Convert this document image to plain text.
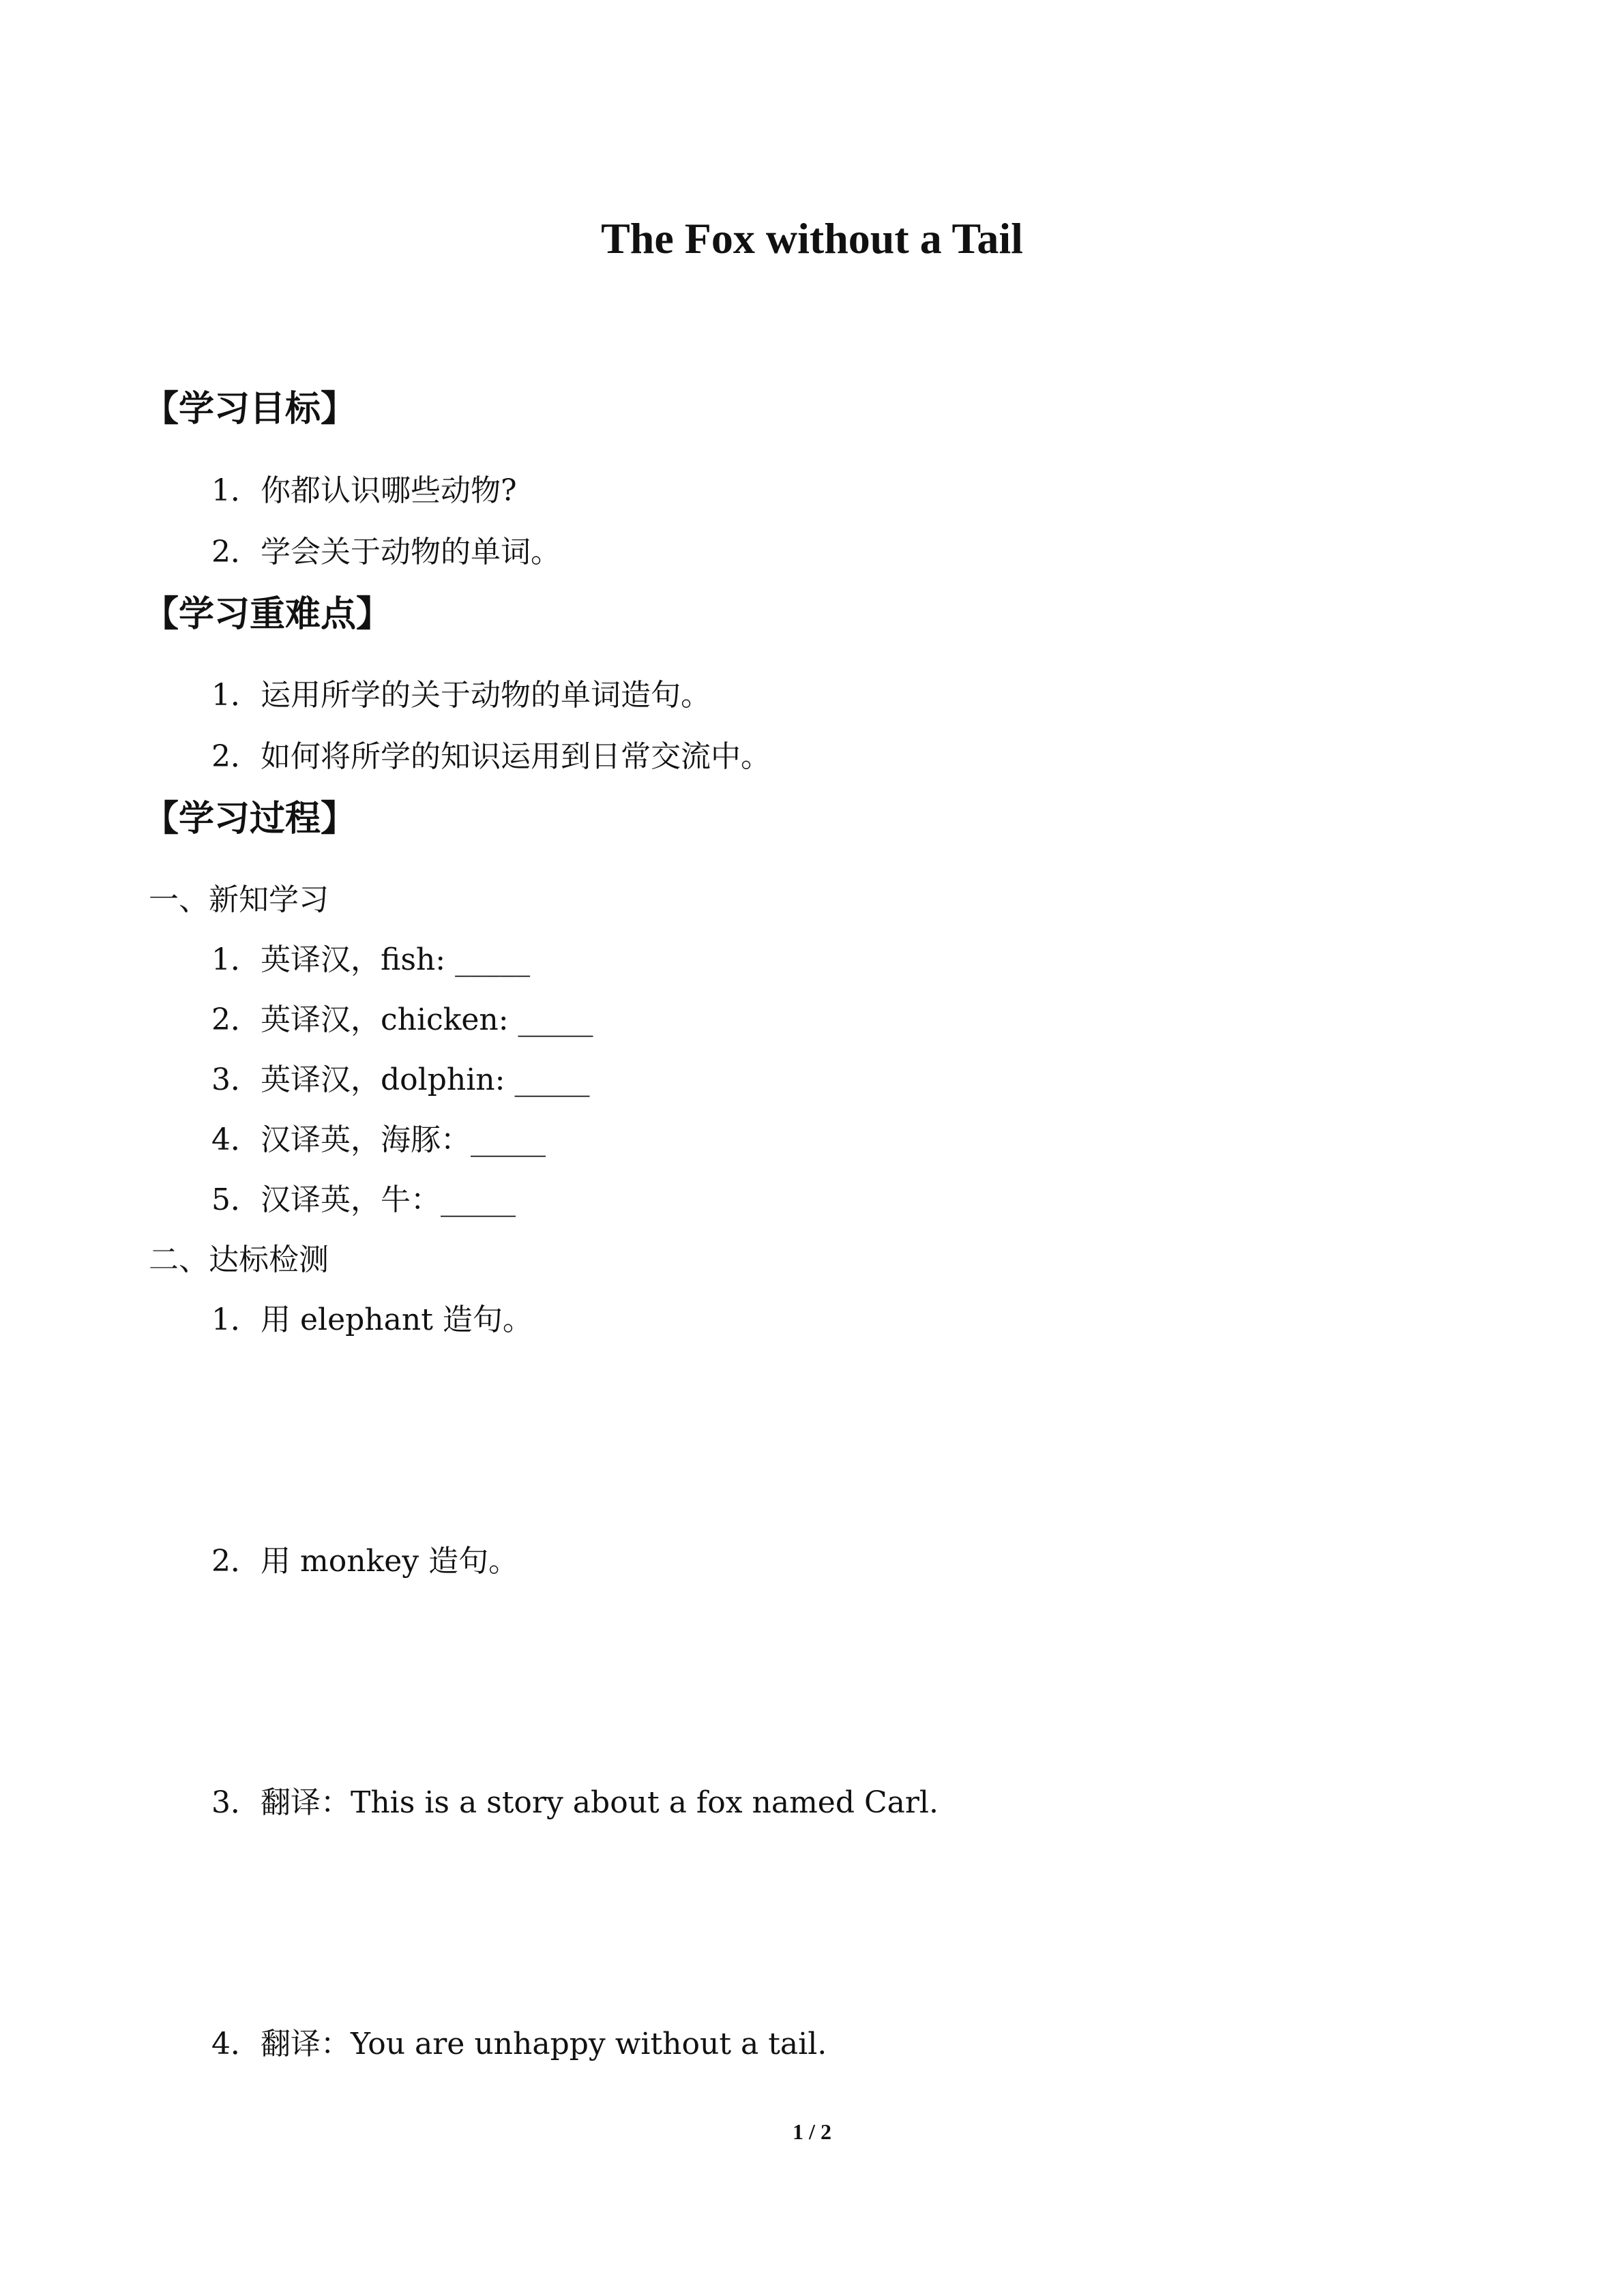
The Fox without a Tail
【学习目标】
1．你都认识哪些动物?
2．学会关于动物的单词。
【学习重难点】
1．运用所学的关于动物的单词造句。
2．如何将所学的知识运用到日常交流中。
【学习过程】
一、新知学习
1．英译汉，fish: _____
2．英译汉，chicken: _____
3．英译汉，dolphin: _____
4．汉译英，海豚：_____
5．汉译英，牛：_____
二、达标检测
1．用 elephant 造句。
2．用 monkey 造句。
3．翻译：This is a story about a fox named Carl.
4．翻译：You are unhappy without a tail.
1 / 2
